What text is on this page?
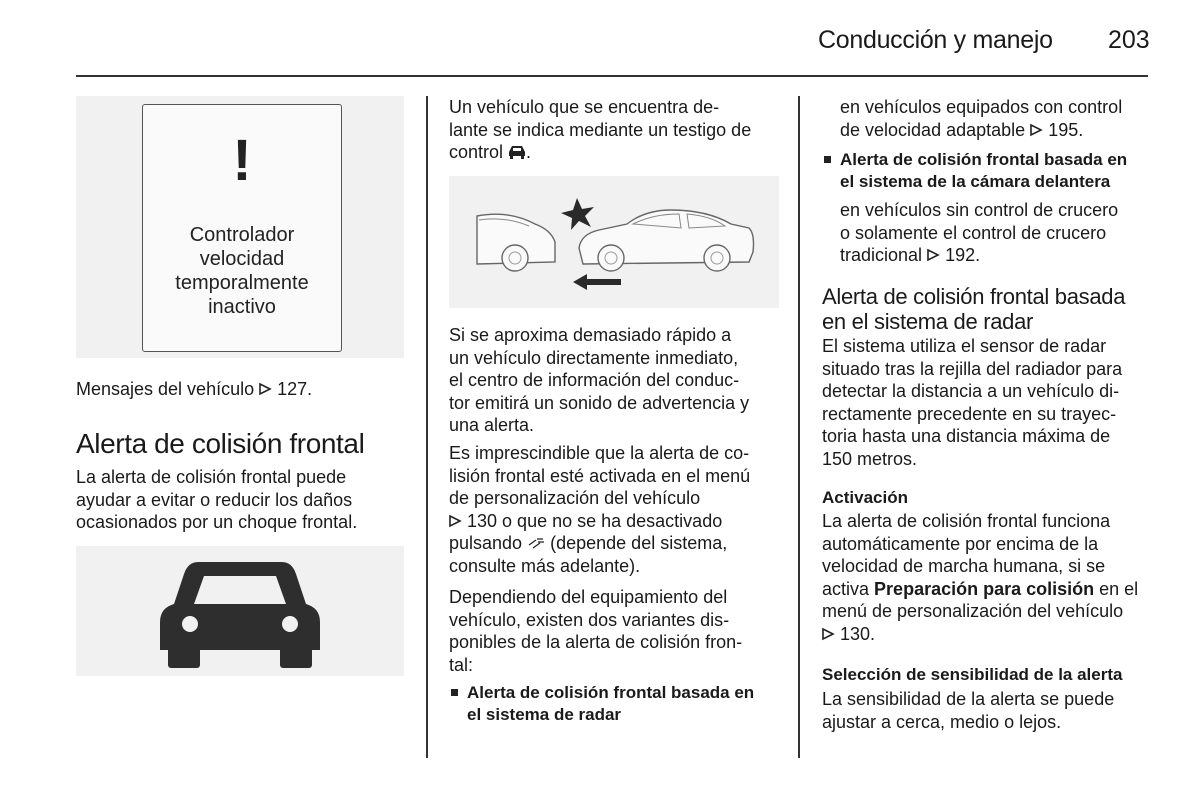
Conducción y manejo 203
!
Controlador
velocidad
temporalmente
inactivo
Mensajes del vehículo 127.
Alerta de colisión frontal
La alerta de colisión frontal puede
ayudar a evitar o reducir los daños
ocasionados por un choque frontal.
Un vehículo que se encuentra de-
lante se indica mediante un testigo de
control .
Si se aproxima demasiado rápido a
un vehículo directamente inmediato,
el centro de información del conduc-
tor emitirá un sonido de advertencia y
una alerta.
Es imprescindible que la alerta de co-
lisión frontal esté activada en el menú
de personalización del vehículo
130 o que no se ha desactivado
pulsando (depende del sistema,
consulte más adelante).
Dependiendo del equipamiento del
vehículo, existen dos variantes dis-
ponibles de la alerta de colisión fron-
tal:
Alerta de colisión frontal basada en
el sistema de radar
en vehículos equipados con control
de velocidad adaptable 195.
Alerta de colisión frontal basada en
el sistema de la cámara delantera
en vehículos sin control de crucero
o solamente el control de crucero
tradicional 192.
Alerta de colisión frontal basada
en el sistema de radar
El sistema utiliza el sensor de radar
situado tras la rejilla del radiador para
detectar la distancia a un vehículo di-
rectamente precedente en su trayec-
toria hasta una distancia máxima de
150 metros.
Activación
La alerta de colisión frontal funciona
automáticamente por encima de la
velocidad de marcha humana, si se
activa Preparación para colisión en el
menú de personalización del vehículo
130.
Selección de sensibilidad de la alerta
La sensibilidad de la alerta se puede
ajustar a cerca, medio o lejos.
